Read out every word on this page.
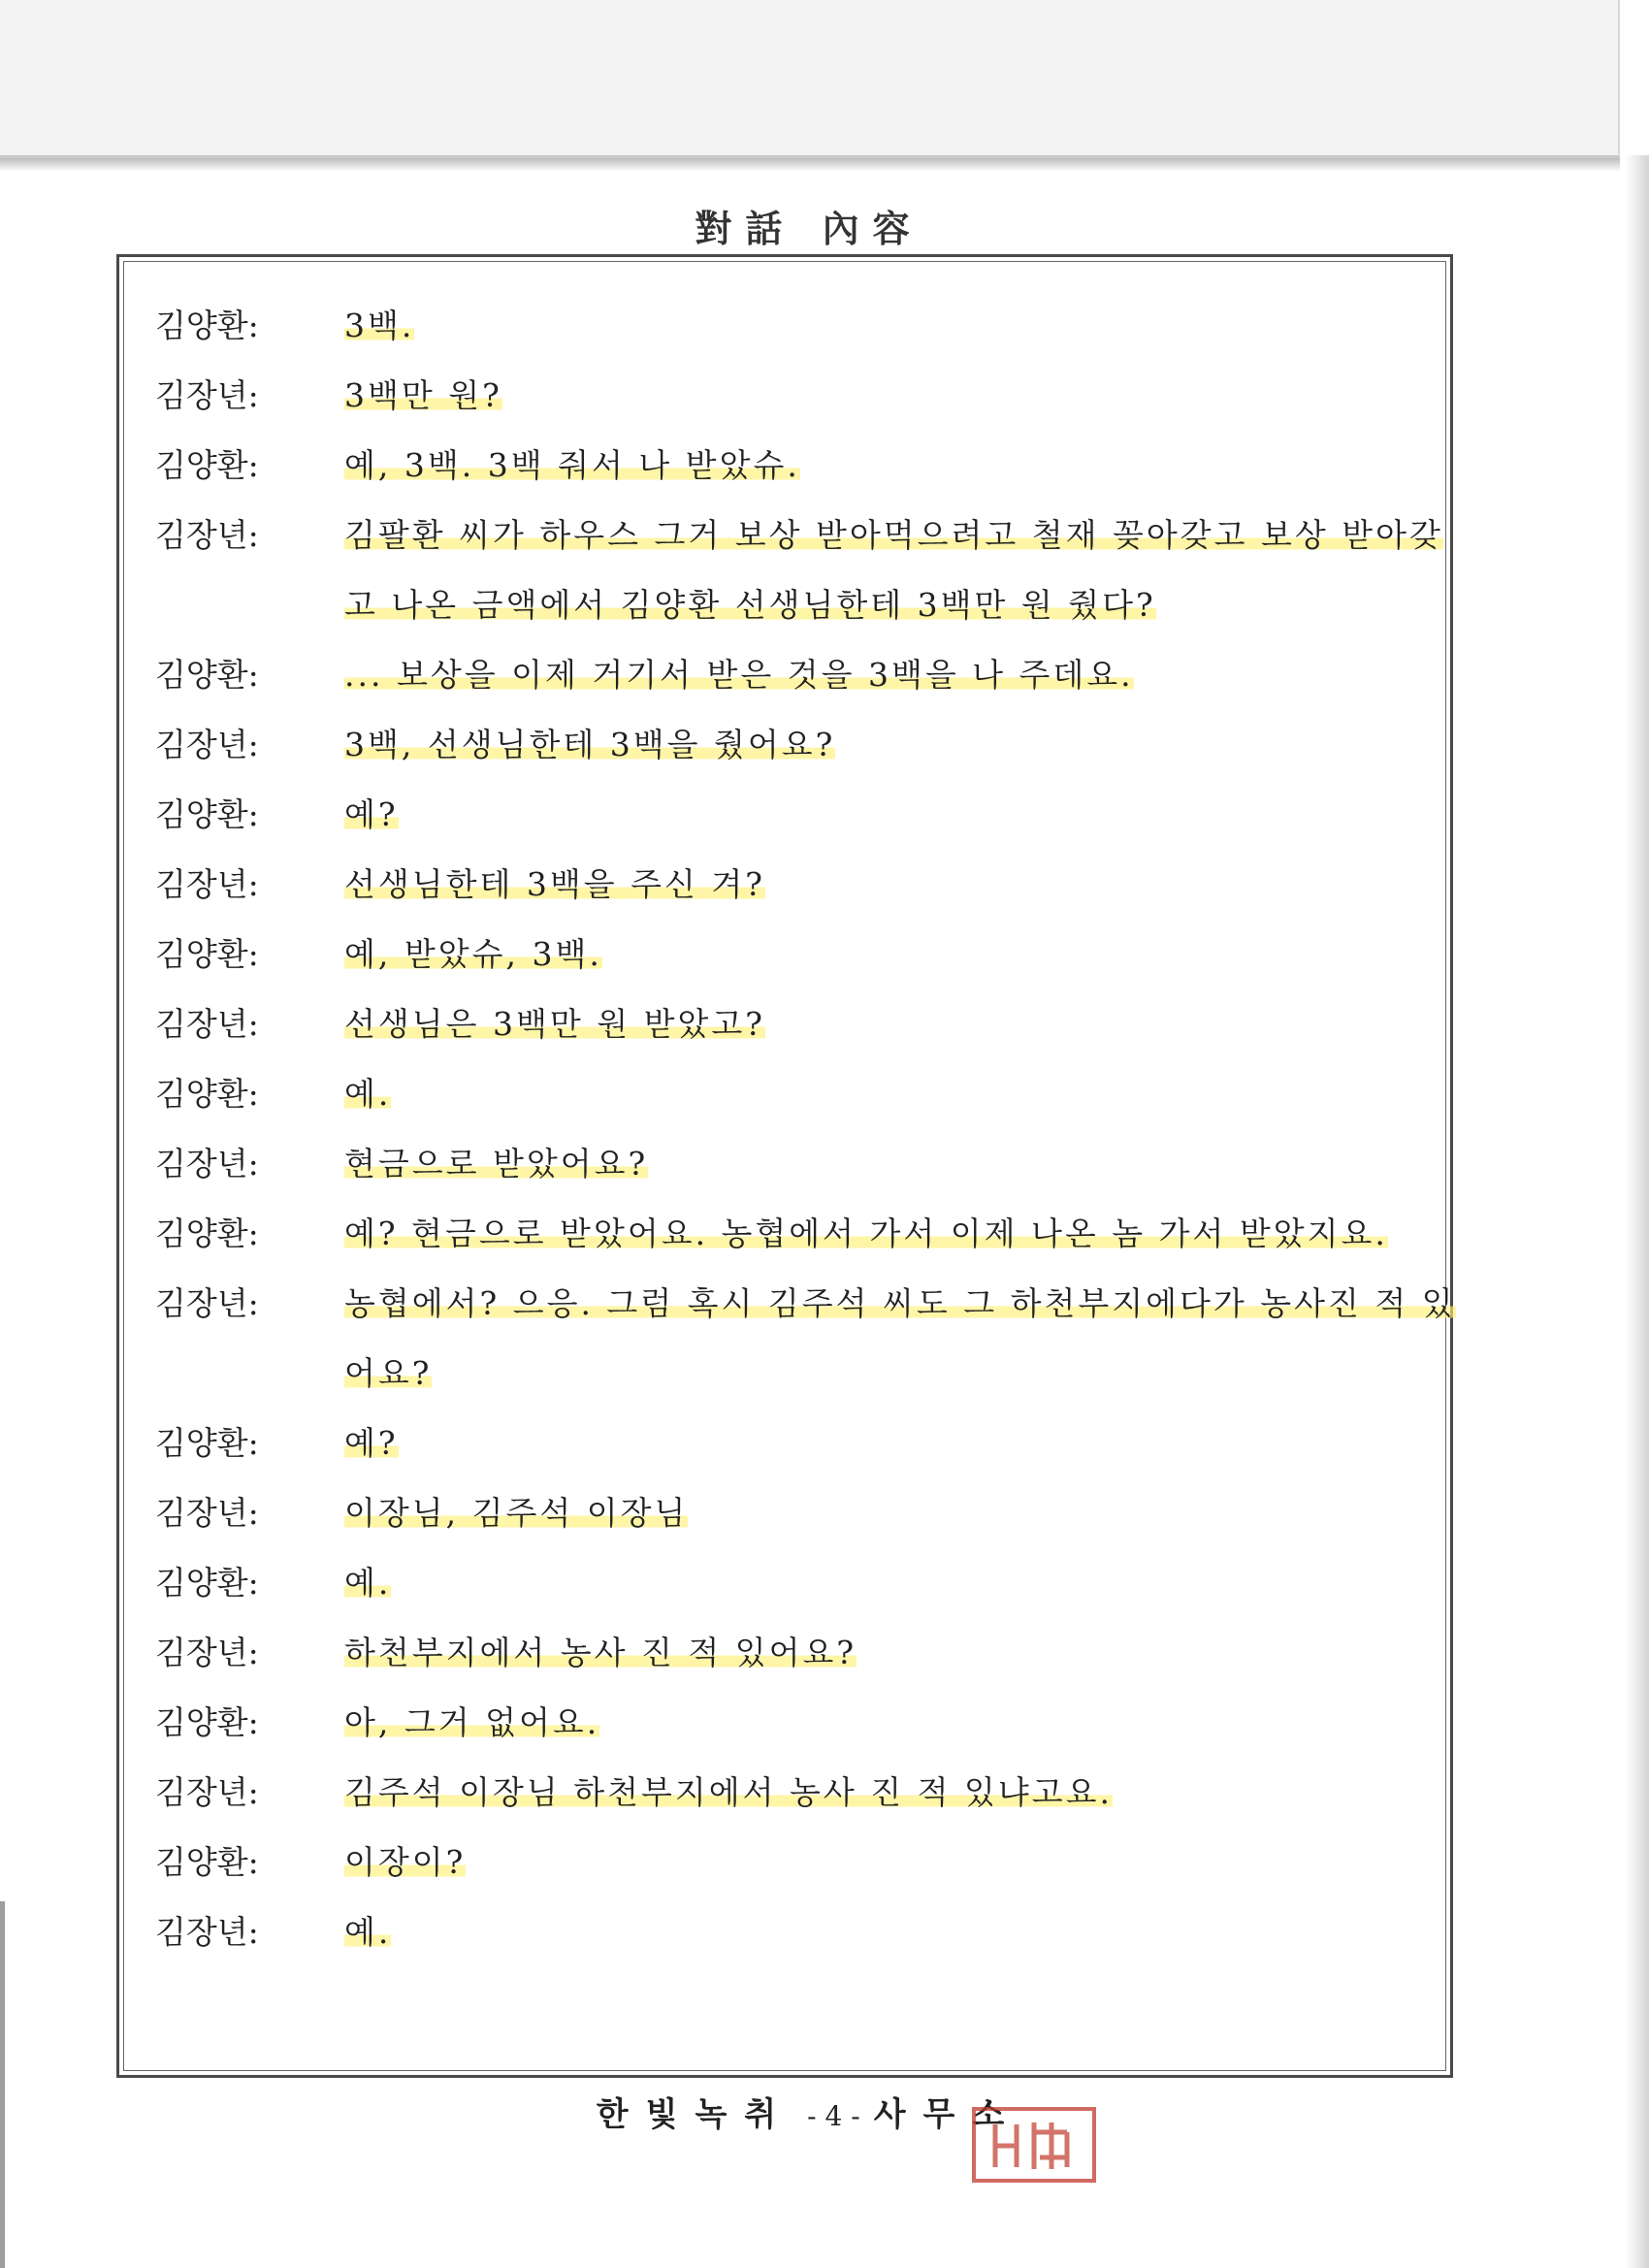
對話 內容
김양환:	3백.
김장년:	3백만 원?
김양환:	예, 3백. 3백 줘서 나 받았슈.
김장년:	김팔환 씨가 하우스 그거 보상 받아먹으려고 철재 꽂아갖고 보상 받아갖고 나온 금액에서 김양환 선생님한테 3백만 원 줬다?
김양환:	... 보상을 이제 거기서 받은 것을 3백을 나 주데요.
김장년:	3백, 선생님한테 3백을 줬어요?
김양환:	예?
김장년:	선생님한테 3백을 주신 겨?
김양환:	예, 받았슈, 3백.
김장년:	선생님은 3백만 원 받았고?
김양환:	예.
김장년:	현금으로 받았어요?
김양환:	예? 현금으로 받았어요. 농협에서 가서 이제 나온 놈 가서 받았지요.
김장년:	농협에서? 으응. 그럼 혹시 김주석 씨도 그 하천부지에다가 농사진 적 있어요?
김양환:	예?
김장년:	이장님, 김주석 이장님
김양환:	예.
김장년:	하천부지에서 농사 진 적 있어요?
김양환:	아, 그거 없어요.
김장년:	김주석 이장님 하천부지에서 농사 진 적 있냐고요.
김양환:	이장이?
김장년:	예.
한빛녹취 - 4 - 사무소
